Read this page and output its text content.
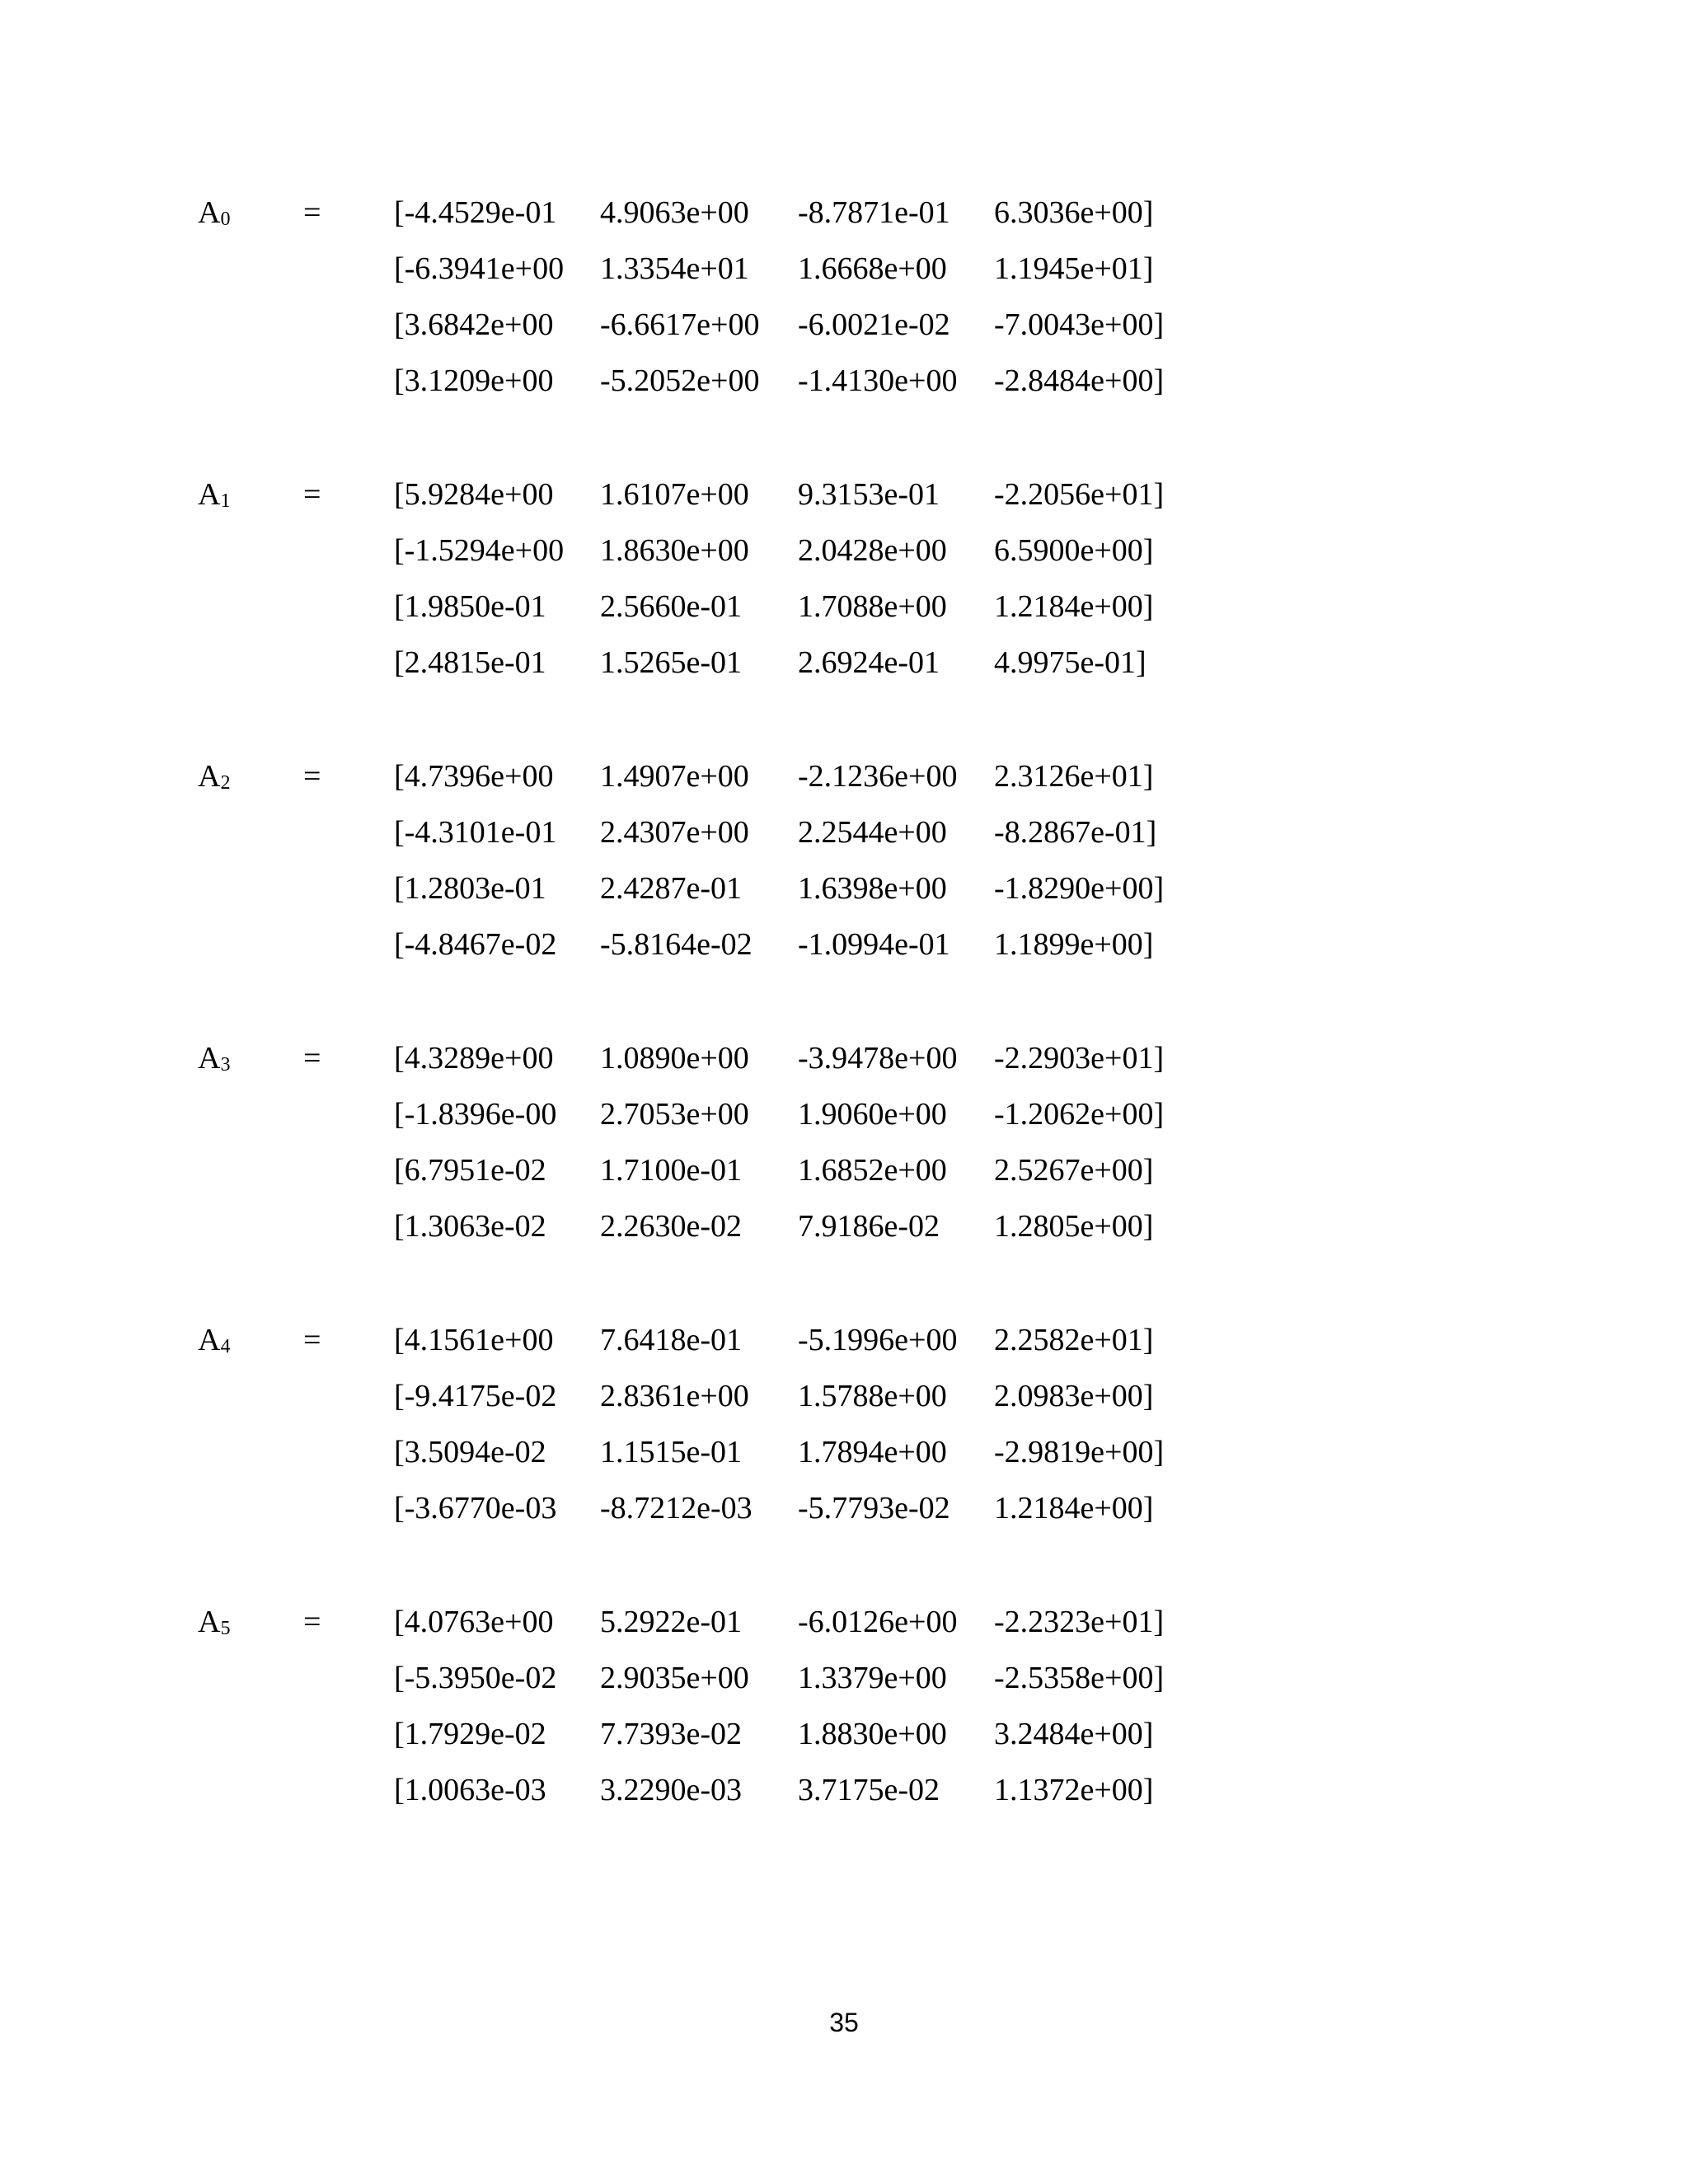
$A_0 = [-4.4529e-01$ 4.9063e+00 -8.7871e-01 6.3036e+00]
[-6.3941e+00 1.3354e+01 1.6668e+00 1.1945e+01]
[3.6842e+00 -6.6617e+00 -6.0021e-02 -7.0043e+00]
[3.1209e+00 -5.2052e+00 -1.4130e+00 -2.8484e+00]
$A_1 = [5.9284e+00$ 1.6107e+00 9.3153e-01 -2.2056e+01]
[-1.5294e+00 1.8630e+00 2.0428e+00 6.5900e+00]
[1.9850e-01 2.5660e-01 1.7088e+00 1.2184e+00]
[2.4815e-01 1.5265e-01 2.6924e-01 4.9975e-01]
$A_2 = [4.7396e+00$ 1.4907e+00 -2.1236e+00 2.3126e+01]
[-4.3101e-01 2.4307e+00 2.2544e+00 -8.2867e-01]
[1.2803e-01 2.4287e-01 1.6398e+00 -1.8290e+00]
[-4.8467e-02 -5.8164e-02 -1.0994e-01 1.1899e+00]
$A_3 = [4.3289e+00$ 1.0890e+00 -3.9478e+00 -2.2903e+01]
[-1.8396e-00 2.7053e+00 1.9060e+00 -1.2062e+00]
[6.7951e-02 1.7100e-01 1.6852e+00 2.5267e+00]
[1.3063e-02 2.2630e-02 7.9186e-02 1.2805e+00]
$A_4 = [4.1561e+00$ 7.6418e-01 -5.1996e+00 2.2582e+01]
[-9.4175e-02 2.8361e+00 1.5788e+00 2.0983e+00]
[3.5094e-02 1.1515e-01 1.7894e+00 -2.9819e+00]
[-3.6770e-03 -8.7212e-03 -5.7793e-02 1.2184e+00]
$A_5 = [4.0763e+00$ 5.2922e-01 -6.0126e+00 -2.2323e+01]
[-5.3950e-02 2.9035e+00 1.3379e+00 -2.5358e+00]
[1.7929e-02 7.7393e-02 1.8830e+00 3.2484e+00]
[1.0063e-03 3.2290e-03 3.7175e-02 1.1372e+00]
35
